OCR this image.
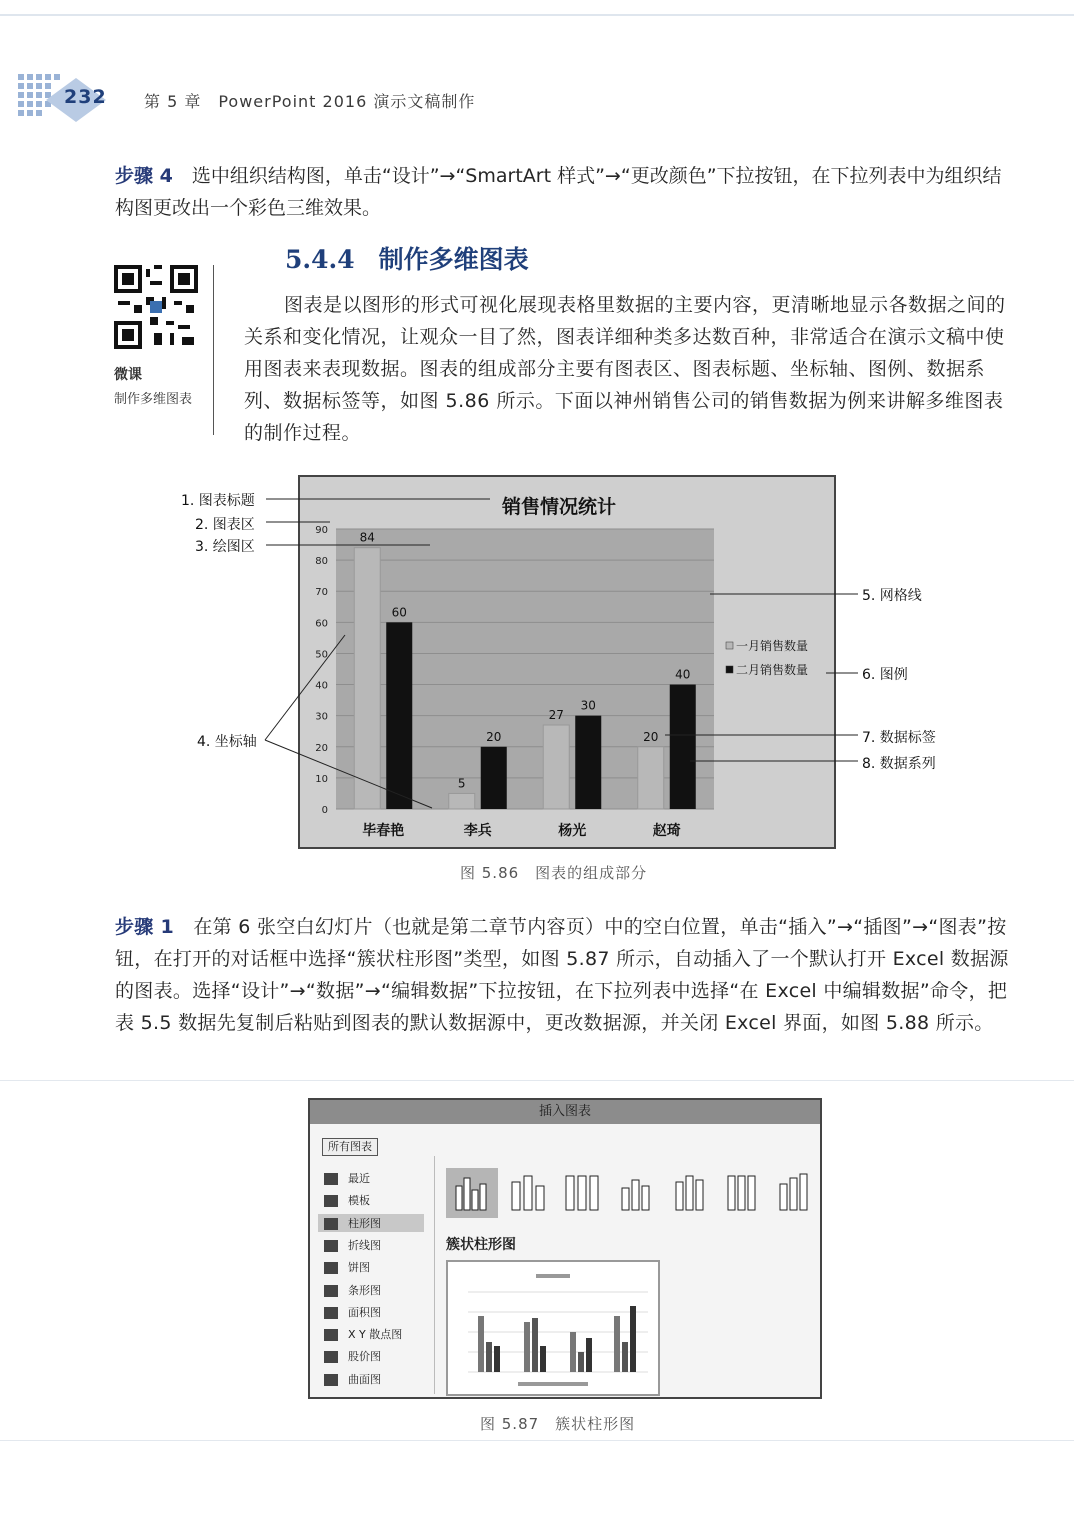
232 第 5 章　PowerPoint 2016 演示文稿制作
步骤 4　 选中组织结构图，单击“设计”→“SmartArt 样式”→“更改颜色”下拉按钮，在下拉列表中为组织结构图更改出一个彩色三维效果。
5.4.4 制作多维图表
微课
制作多维图表
图表是以图形的形式可视化展现表格里数据的主要内容，更清晰地显示各数据之间的关系和变化情况，让观众一目了然，图表详细种类多达数百种，非常适合在演示文稿中使用图表来表现数据。图表的组成部分主要有图表区、图表标题、坐标轴、图例、数据系列、数据标签等，如图 5.86 所示。下面以神州销售公司的销售数据为例来讲解多维图表的制作过程。
0
10
20
30
40
50
60
70
80
90
销售情况统计
84
60
毕春艳
5
20
李兵
27
30
杨光
20
40
赵琦
一月销售数量
二月销售数量
1. 图表标题
2. 图表区
3. 绘图区
4. 坐标轴
5. 网格线
6. 图例
7. 数据标签
8. 数据系列
图 5.86　图表的组成部分
步骤 1　 在第 6 张空白幻灯片（也就是第二章节内容页）中的空白位置，单击“插入”→“插图”→“图表”按钮，在打开的对话框中选择“簇状柱形图”类型，如图 5.87 所示，自动插入了一个默认打开 Excel 数据源的图表。选择“设计”→“数据”→“编辑数据”下拉按钮，在下拉列表中选择“在 Excel 中编辑数据”命令，把表 5.5 数据先复制后粘贴到图表的默认数据源中，更改数据源，并关闭 Excel 界面，如图 5.88 所示。
插入图表
所有图表
簇状柱形图
最近
模板
柱形图
折线图
饼图
条形图
面积图
X Y 散点图
股价图
曲面图
图 5.87　簇状柱形图
